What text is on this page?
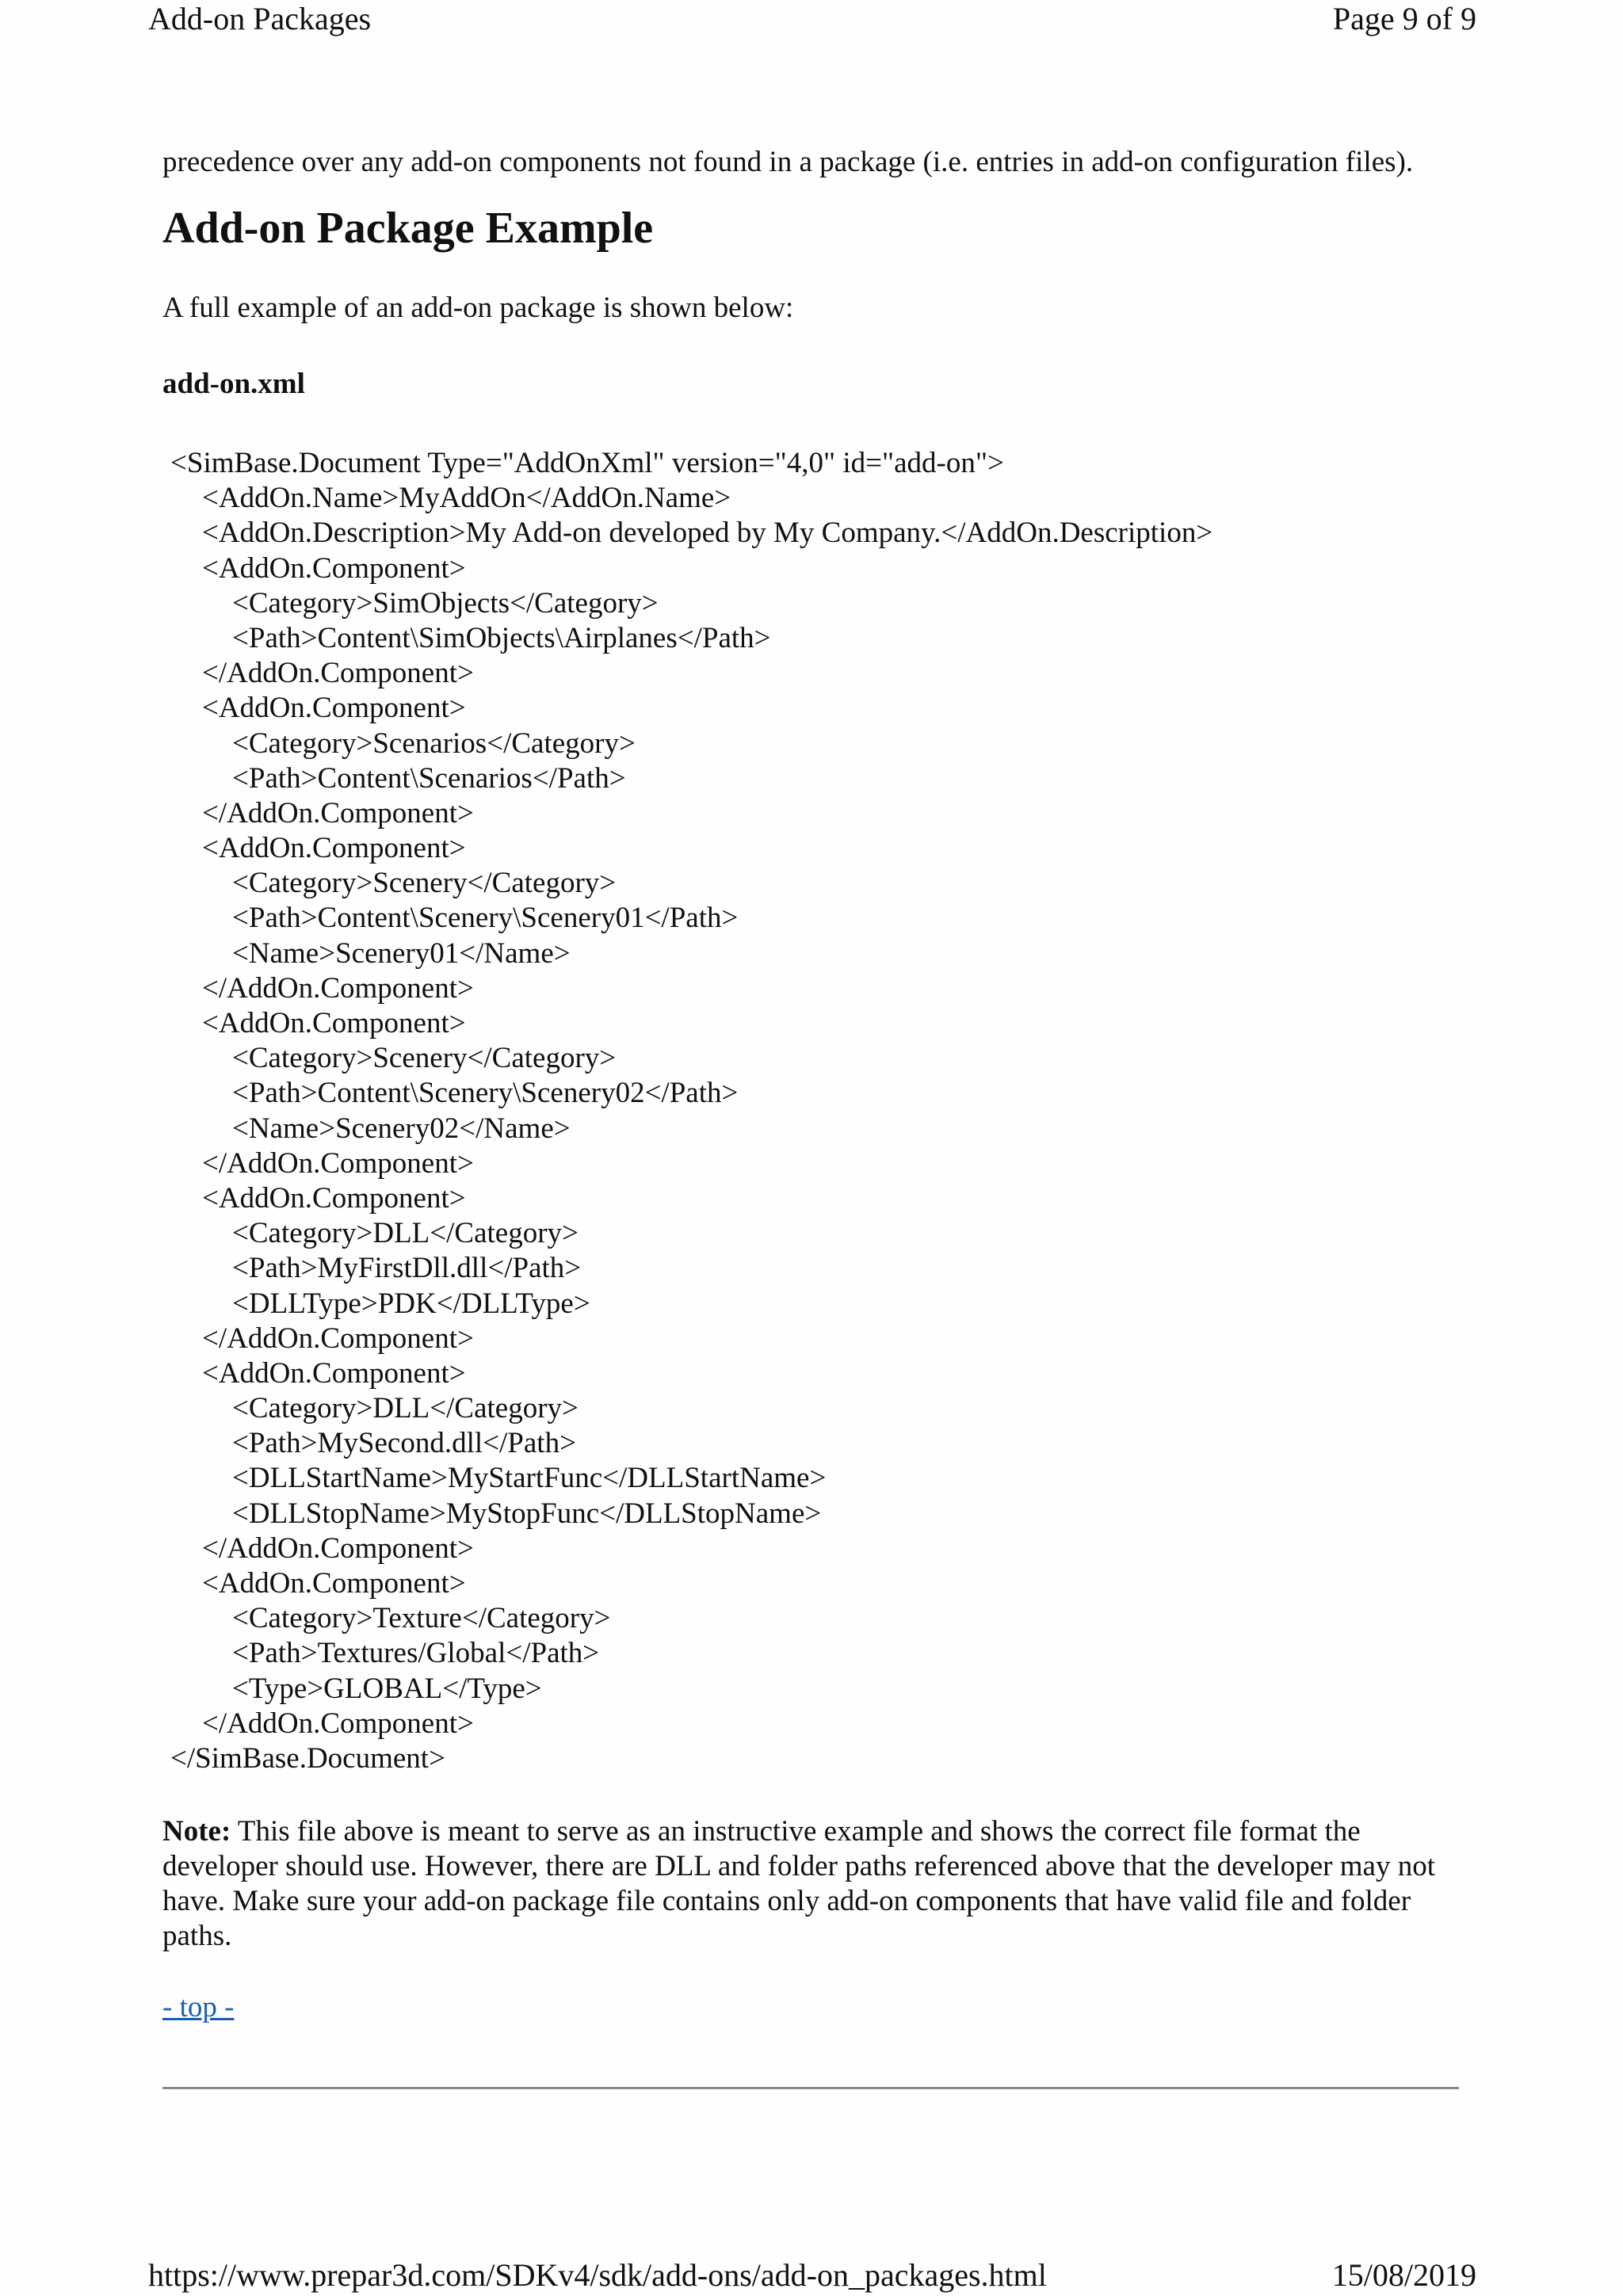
Add-on Packages	Page 9 of 9

precedence over any add-on components not found in a package (i.e. entries in add-on configuration files).

Add-on Package Example

A full example of an add-on package is shown below:

add-on.xml

<SimBase.Document Type="AddOnXml" version="4,0" id="add-on">
<AddOn.Name>MyAddOn</AddOn.Name>
<AddOn.Description>My Add-on developed by My Company.</AddOn.Description>
<AddOn.Component>
<Category>SimObjects</Category>
<Path>Content\SimObjects\Airplanes</Path>
</AddOn.Component>
<AddOn.Component>
<Category>Scenarios</Category>
<Path>Content\Scenarios</Path>
</AddOn.Component>
<AddOn.Component>
<Category>Scenery</Category>
<Path>Content\Scenery\Scenery01</Path>
<Name>Scenery01</Name>
</AddOn.Component>
<AddOn.Component>
<Category>Scenery</Category>
<Path>Content\Scenery\Scenery02</Path>
<Name>Scenery02</Name>
</AddOn.Component>
<AddOn.Component>
<Category>DLL</Category>
<Path>MyFirstDll.dll</Path>
<DLLType>PDK</DLLType>
</AddOn.Component>
<AddOn.Component>
<Category>DLL</Category>
<Path>MySecond.dll</Path>
<DLLStartName>MyStartFunc</DLLStartName>
<DLLStopName>MyStopFunc</DLLStopName>
</AddOn.Component>
<AddOn.Component>
<Category>Texture</Category>
<Path>Textures/Global</Path>
<Type>GLOBAL</Type>
</AddOn.Component>
</SimBase.Document>

Note: This file above is meant to serve as an instructive example and shows the correct file format the developer should use. However, there are DLL and folder paths referenced above that the developer may not have. Make sure your add-on package file contains only add-on components that have valid file and folder paths.

- top -
https://www.prepar3d.com/SDKv4/sdk/add-ons/add-on_packages.html	15/08/2019
